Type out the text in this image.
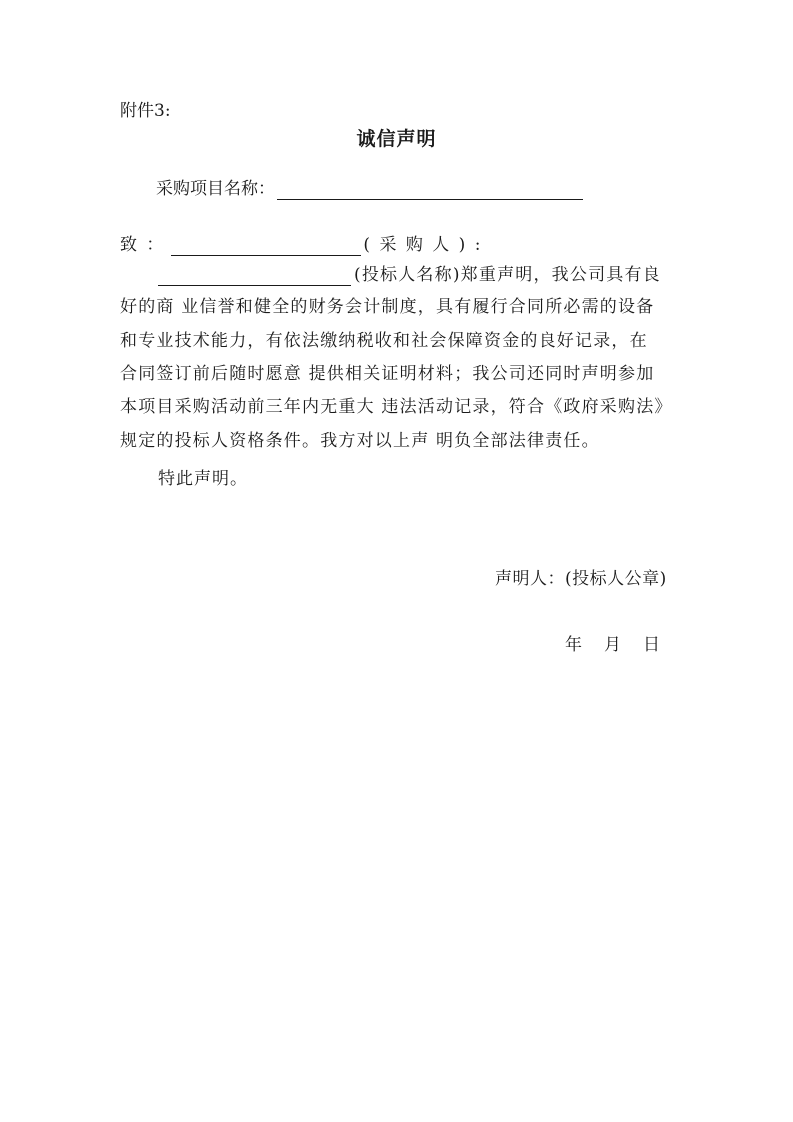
附件3:
诚信声明
采购项目名称：
致 ：	( 采 购 人 ) :
(投标人名称)郑重声明，我公司具有良
好的商 业信誉和健全的财务会计制度，具有履行合同所必需的设备
和专业技术能力，有依法缴纳税收和社会保障资金的良好记录，在
合同签订前后随时愿意 提供相关证明材料；我公司还同时声明参加
本项目采购活动前三年内无重大 违法活动记录，符合《政府采购法》
规定的投标人资格条件。我方对以上声 明负全部法律责任。
特此声明。
声明人：(投标人公章)
年 月 日
